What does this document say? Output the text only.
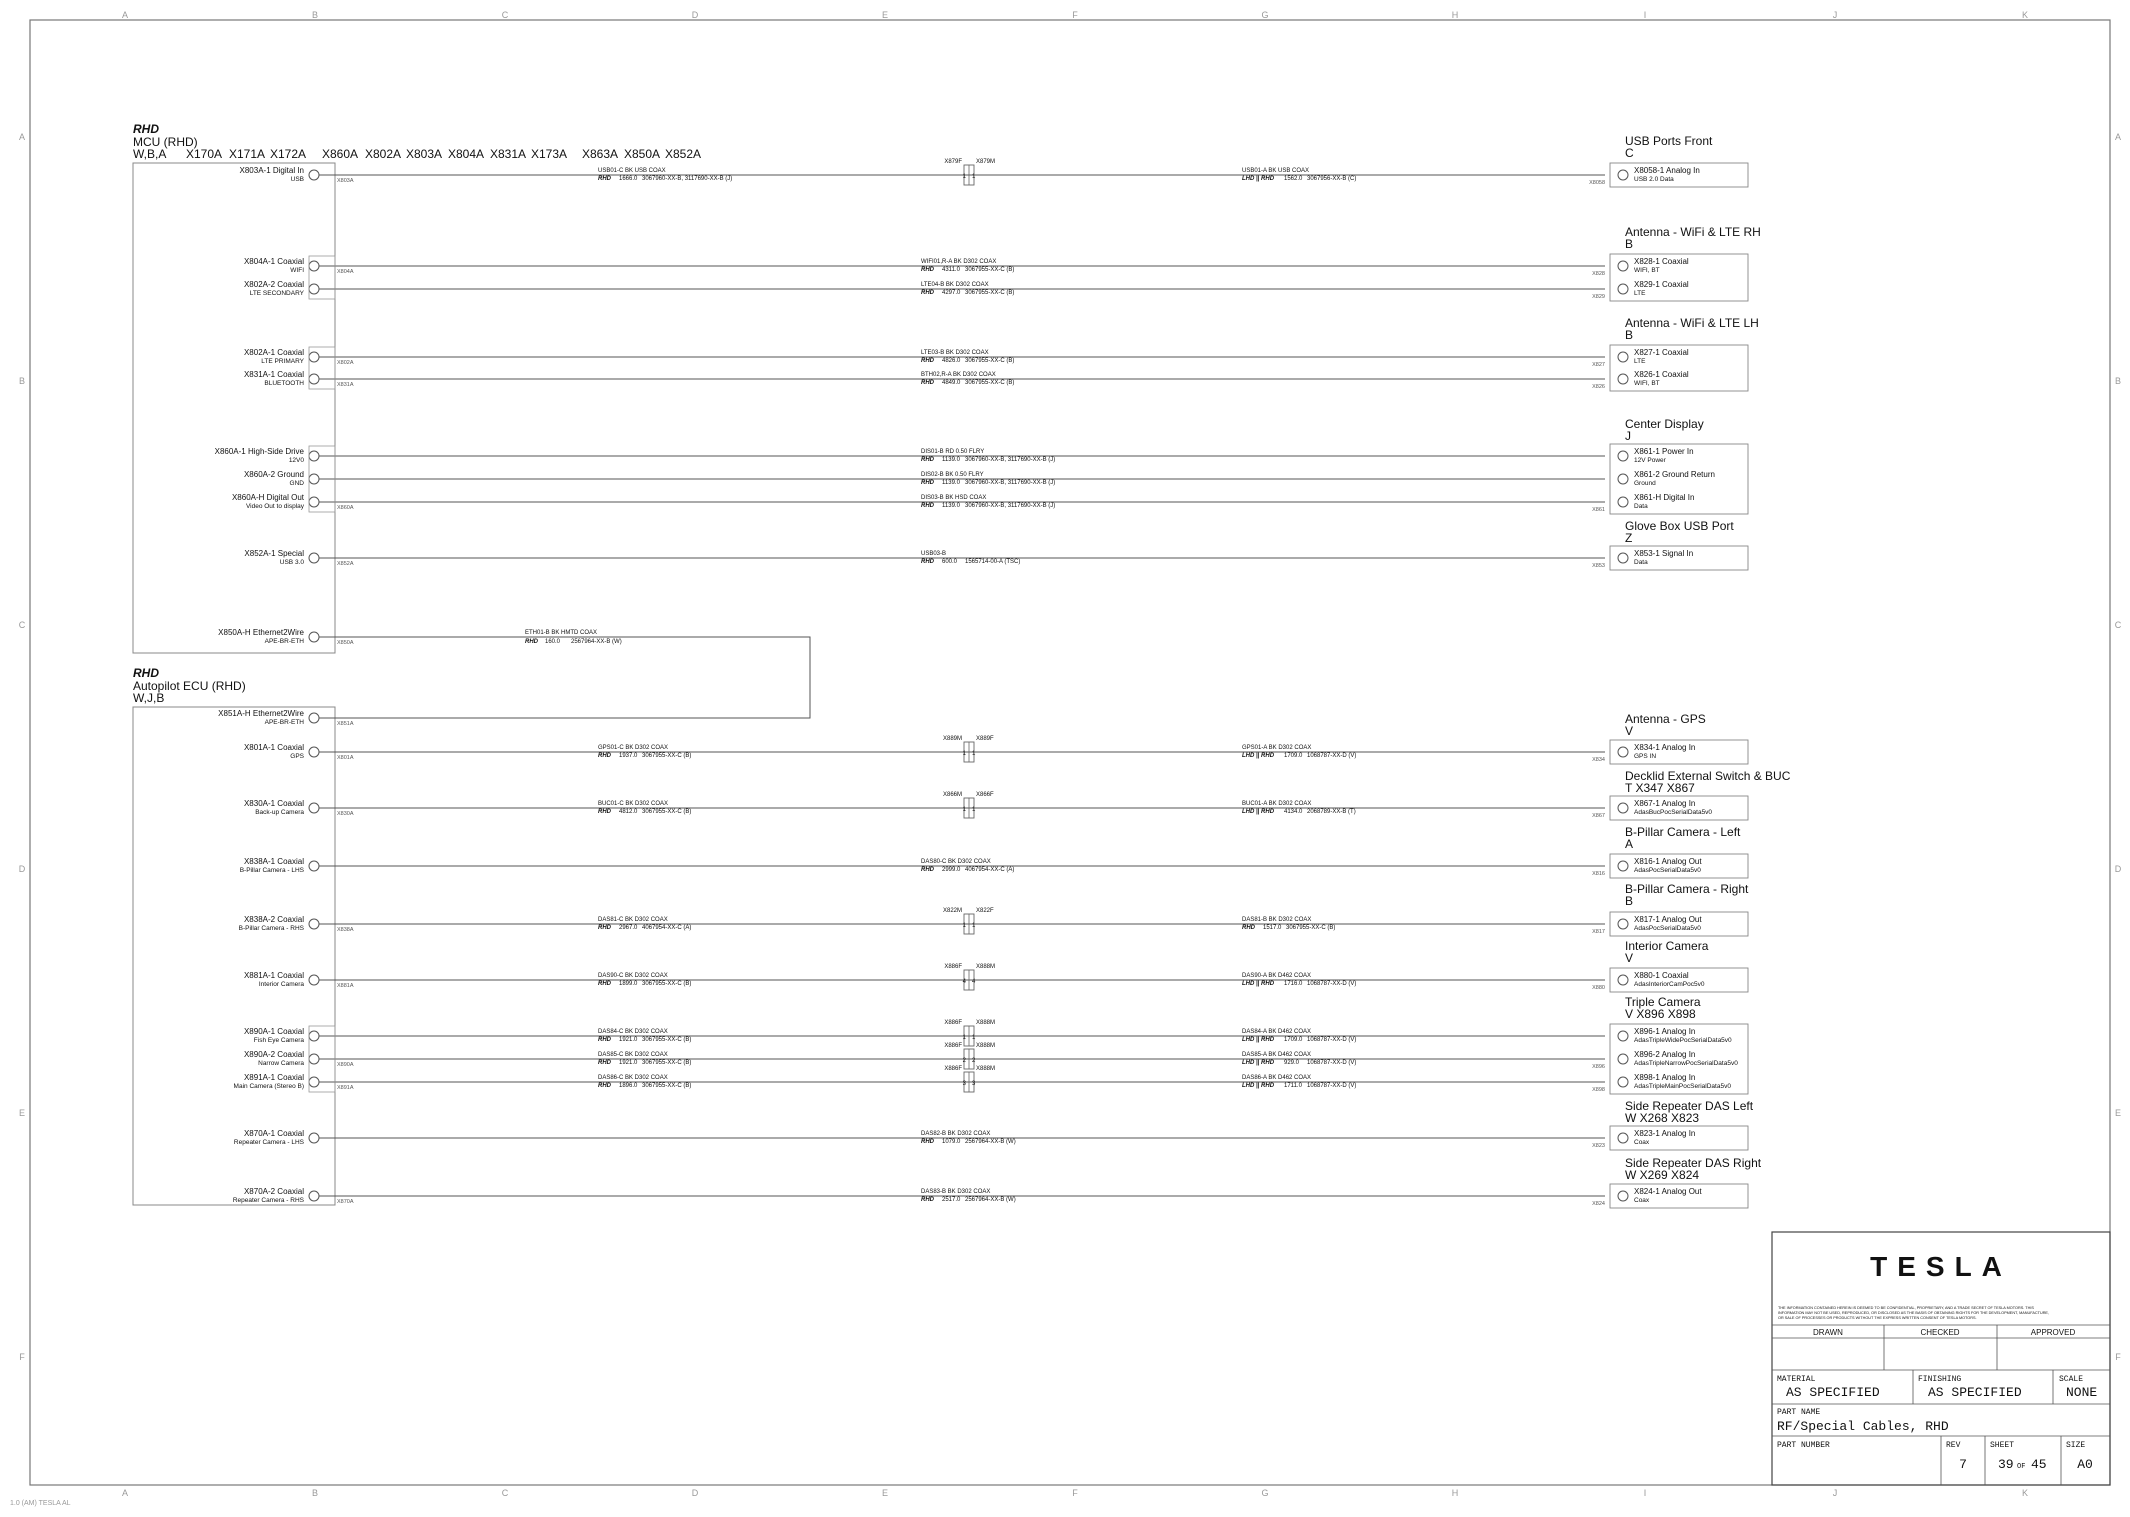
A
A
B
B
C
C
D
D
E
E
F
F
G
G
H
H
I
I
J
J
K
K
A	A
B	B
C	C
D	D
E	E
F	F
RHD
MCU (RHD)
W,B,A X170A X171A X172A X860A X802A X803A X804A X831A X173A X863A X850A X852A
RHD
Autopilot ECU (RHD)
W,J,B
X803A-1 Digital In
USB	X803A
X804A-1 Coaxial
WIFI	X804A
X802A-2 Coaxial
LTE SECONDARY
X802A-1 Coaxial
LTE PRIMARY	X802A
X831A-1 Coaxial
BLUETOOTH	X831A
X860A-1 High-Side Drive
12V0
X860A-2 Ground
GND
X860A-H Digital Out
Video Out to display	X860A
X852A-1 Special
USB 3.0	X852A
X850A-H Ethernet2Wire
APE-BR-ETH	X850A
X851A-H Ethernet2Wire
APE-BR-ETH	X851A
X801A-1 Coaxial
GPS	X801A
X830A-1 Coaxial
Back-up Camera	X830A
X838A-1 Coaxial
B-Pillar Camera - LHS
X838A-2 Coaxial
B-Pillar Camera - RHS	X838A
X881A-1 Coaxial
Interior Camera	X881A
X890A-1 Coaxial
Fish Eye Camera
X890A-2 Coaxial
Narrow Camera	X890A
X891A-1 Coaxial
Main Camera (Stereo B)	X891A
X870A-1 Coaxial
Repeater Camera - LHS
X870A-2 Coaxial
Repeater Camera - RHS	X870A
ETH01-B BK HMTD COAX
RHD 160.0 2567964-XX-B (W)
USB01-C BK USB COAX
RHD 1666.0 3067960-XX-B, 3117690-XX-B (J)
USB01-A BK USB COAX
LHD || RHD 1562.0 3067956-XX-B (C)
X879F X879M
1 1
WIFI01,R-A BK D302 COAX
RHD 4311.0 3067955-XX-C (B)
LTE04-B BK D302 COAX
RHD 4297.0 3067955-XX-C (B)
LTE03-B BK D302 COAX
RHD 4826.0 3067955-XX-C (B)
BTH02,R-A BK D302 COAX
RHD 4849.0 3067955-XX-C (B)
DIS01-B RD 0.50 FLRY
RHD 1139.0 3067960-XX-B, 3117690-XX-B (J)
DIS02-B BK 0.50 FLRY
RHD 1139.0 3067960-XX-B, 3117690-XX-B (J)
DIS03-B BK HSD COAX
RHD 1139.0 3067960-XX-B, 3117690-XX-B (J)
USB03-B
RHD 600.0 1565714-00-A (TSC)
GPS01-C BK D302 COAX
RHD 1937.0 3067955-XX-C (B)
GPS01-A BK D302 COAX
LHD || RHD 1709.0 1068787-XX-D (V)
X889M X889F
1 1
BUC01-C BK D302 COAX
RHD 4812.0 3067955-XX-C (B)
BUC01-A BK D302 COAX
LHD || RHD 4134.0 2068789-XX-B (T)
X866M X866F
1 1
DAS80-C BK D302 COAX
RHD 2999.0 4067954-XX-C (A)
DAS81-C BK D302 COAX
RHD 2967.0 4067954-XX-C (A)
DAS81-B BK D302 COAX
RHD 1517.0 3067955-XX-C (B)
X822M X822F
1 1
DAS90-C BK D302 COAX
RHD 1899.0 3067955-XX-C (B)
DAS90-A BK D462 COAX
LHD || RHD 1716.0 1068787-XX-D (V)
X886F X888M
4 4
DAS84-C BK D302 COAX
RHD 1921.0 3067955-XX-C (B)
DAS84-A BK D462 COAX
LHD || RHD 1709.0 1068787-XX-D (V)
X886F X888M
1 1
DAS85-C BK D302 COAX
RHD 1921.0 3067955-XX-C (B)
DAS85-A BK D462 COAX
LHD || RHD 929.0 1068787-XX-D (V)
X886F X888M
2 2
DAS86-C BK D302 COAX
RHD 1896.0 3067955-XX-C (B)
DAS86-A BK D462 COAX
LHD || RHD 1711.0 1068787-XX-D (V)
X886F X888M
3 3
DAS82-B BK D302 COAX
RHD 1079.0 2567964-XX-B (W)
DAS83-B BK D302 COAX
RHD 2517.0 2567964-XX-B (W)
USB Ports Front
C
X8058-1 Analog In
USB 2.0 Data
X8058
Antenna - WiFi & LTE RH
B
X828-1 Coaxial
WIFI, BT
X828
X829-1 Coaxial
LTE
X829
Antenna - WiFi & LTE LH
B
X827-1 Coaxial
LTE
X827
X826-1 Coaxial
WIFI, BT
X826
Center Display
J
X861-1 Power In
12V Power
X861-2 Ground Return
Ground
X861-H Digital In
Data
X861
Glove Box USB Port
Z
X853-1 Signal In
Data
X853
Antenna - GPS
V
X834-1 Analog In
GPS IN
X834
Decklid External Switch & BUC
T X347 X867
X867-1 Analog In
AdasBucPocSerialData5v0
X867
B-Pillar Camera - Left
A
X816-1 Analog Out
AdasPocSerialData5v0
X816
B-Pillar Camera - Right
B
X817-1 Analog Out
AdasPocSerialData5v0
X817
Interior Camera
V
X880-1 Coaxial
AdasInteriorCamPoc5v0
X880
Triple Camera
V X896 X898
X896-1 Analog In
AdasTripleWidePocSerialData5v0
X896-2 Analog In
AdasTripleNarrowPocSerialData5v0
X896
X898-1 Analog In
AdasTripleMainPocSerialData5v0
X898
Side Repeater DAS Left
W X268 X823
X823-1 Analog In
Coax
X823
Side Repeater DAS Right
W X269 X824
X824-1 Analog Out
Coax
X824
TESLA
THE INFORMATION CONTAINED HEREIN IS DEEMED TO BE CONFIDENTIAL, PROPRIETARY, AND A TRADE SECRET OF TESLA MOTORS. THIS
INFORMATION MAY NOT BE USED, REPRODUCED, OR DISCLOSED AS THE BASIS OF OBTAINING RIGHTS FOR THE DEVELOPMENT, MANUFACTURE,
OR SALE OF PROCESSES OR PRODUCTS WITHOUT THE EXPRESS WRITTEN CONSENT OF TESLA MOTORS.
DRAWN	CHECKED	APPROVED
MATERIAL
AS SPECIFIED
FINISHING
AS SPECIFIED
SCALE
NONE
PART NAME
RF/Special Cables, RHD
PART NUMBER	REV
7
SHEET
39 OF 45
SIZE
A0
1.0 (AM) TESLA AL
